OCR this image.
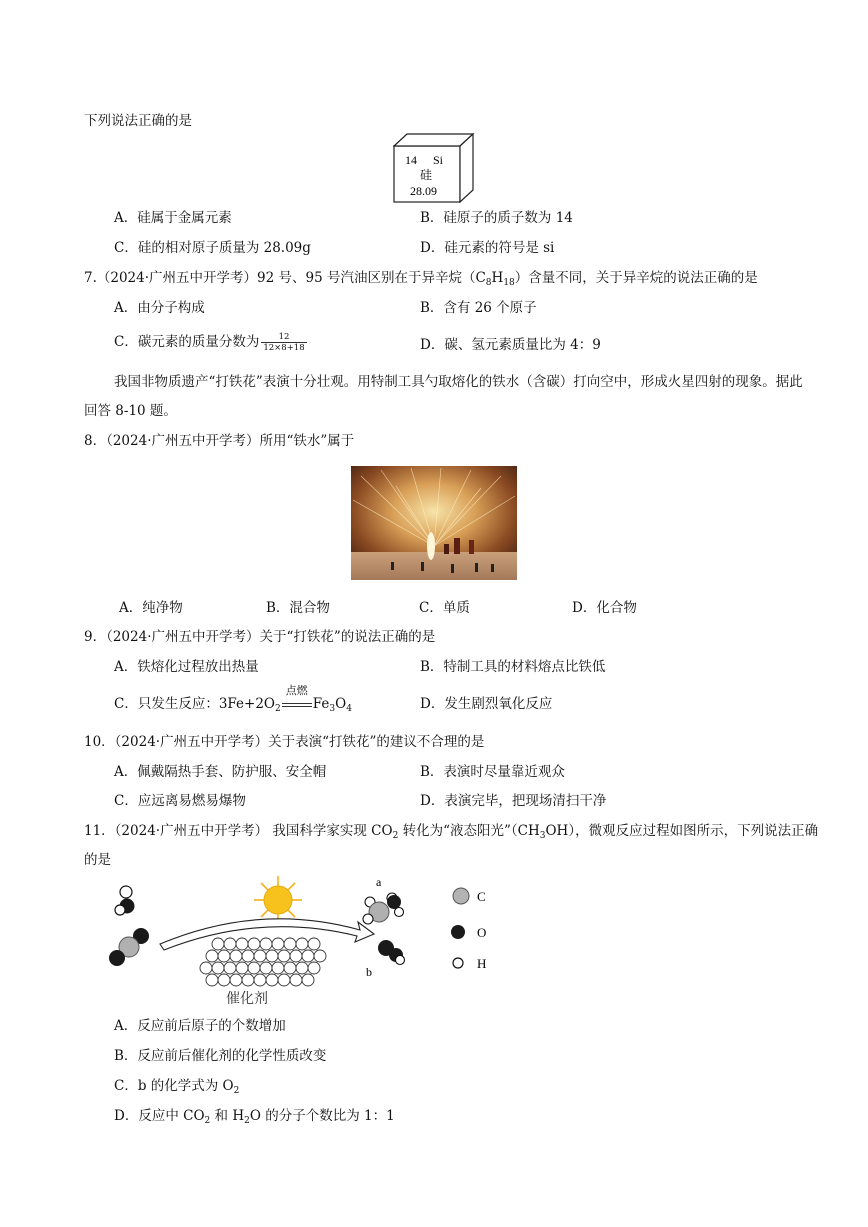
下列说法正确的是
14 Si
硅
28.09
A．硅属于金属元素	B．硅原子的质子数为 14
C．硅的相对原子质量为 28.09g	D．硅元素的符号是 si
7.（2024·广州五中开学考）92 号、95 号汽油区别在于异辛烷$(C_8H_{18})$含量不同，关于异辛烷的说法正确的是
A．由分子构成	B．含有 26 个原子
C．碳元素的质量分数为 $\frac{12}{12\times 8+18}$	D．碳、氢元素质量比为 4：9
我国非物质遗产“打铁花”表演十分壮观。用特制工具勺取熔化的铁水（含碳）打向空中，形成火星四射的现象。据此
回答 8-10 题。
8．（2024·广州五中开学考）所用“铁水”属于
A．纯净物	B．混合物	C．单质	D．化合物
9．（2024·广州五中开学考）关于“打铁花”的说法正确的是
A．铁熔化过程放出热量	B．特制工具的材料熔点比铁低
C．只发生反应：$3Fe+2O_2$
点燃
$Fe_3O_4$	D．发生剧烈氧化反应
10．（2024·广州五中开学考）关于表演“打铁花”的建议不合理的是
A．佩戴隔热手套、防护服、安全帽	B．表演时尽量靠近观众
C．应远离易燃易爆物	D．表演完毕，把现场清扫干净
11．（2024·广州五中开学考） 我国科学家实现 $CO_2$ 转化为“液态阳光$”(CH_3OH)$，微观反应过程如图所示，下列说法正确
的是
催化剂
a
b
C
O
H
A．反应前后原子的个数增加
B．反应前后催化剂的化学性质改变
C．b 的化学式为 $O_2$
D．反应中 $CO_2$ 和 $H_2O$ 的分子个数比为 1：1
